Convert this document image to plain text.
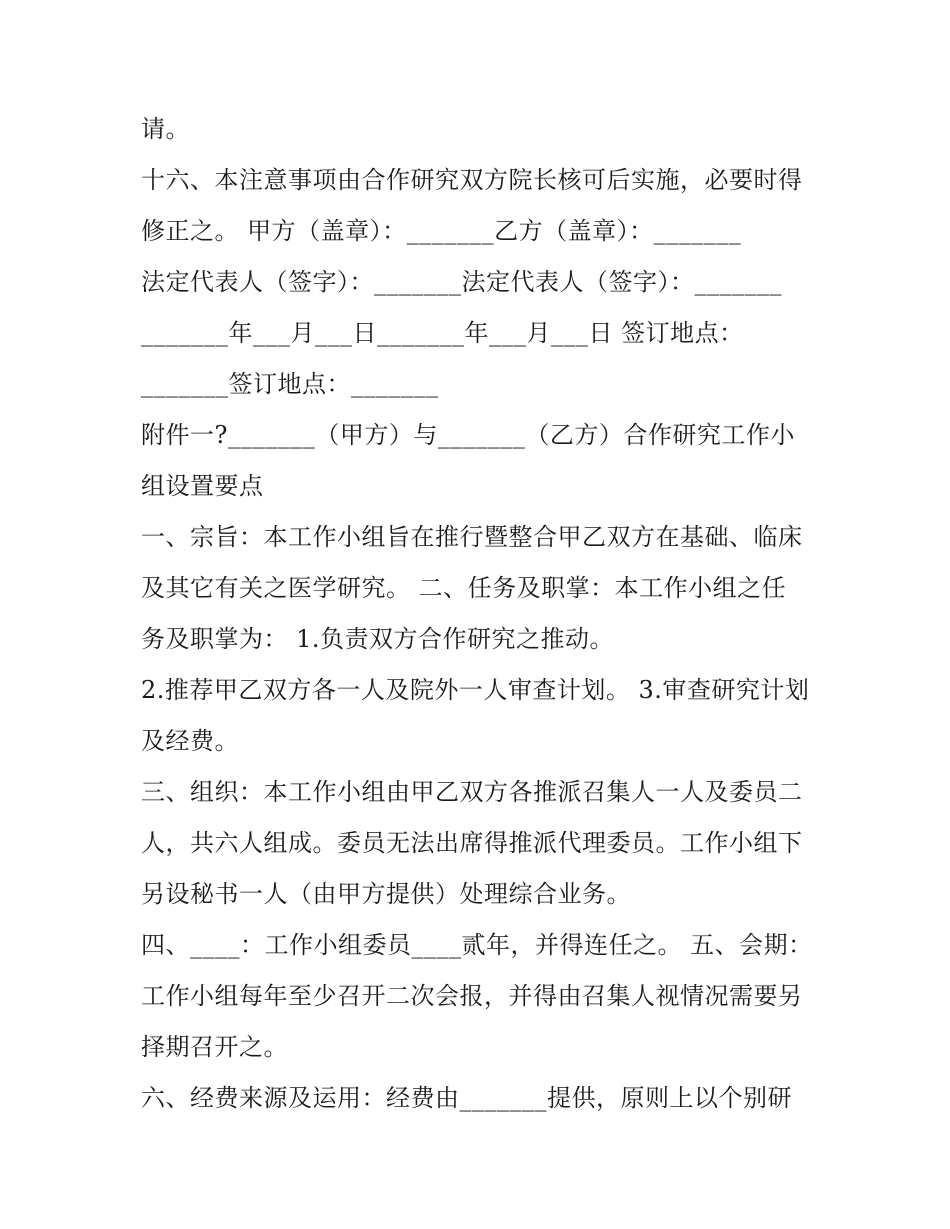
请。
十六、本注意事项由合作研究双方院长核可后实施，必要时得
修正之。 甲方（盖章）：_______乙方（盖章）：_______
法定代表人（签字）：_______法定代表人（签字）：_______
_______年___月___日_______年___月___日 签订地点：
_______签订地点：_______
附件一?_______（甲方）与_______（乙方）合作研究工作小
组设置要点
一、宗旨：本工作小组旨在推行暨整合甲乙双方在基础、临床
及其它有关之医学研究。 二、任务及职掌：本工作小组之任
务及职掌为： 1.负责双方合作研究之推动。
2.推荐甲乙双方各一人及院外一人审查计划。 3.审查研究计划
及经费。
三、组织：本工作小组由甲乙双方各推派召集人一人及委员二
人，共六人组成。委员无法出席得推派代理委员。工作小组下
另设秘书一人（由甲方提供）处理综合业务。
四、____：工作小组委员____贰年，并得连任之。 五、会期：
工作小组每年至少召开二次会报，并得由召集人视情况需要另
择期召开之。
六、经费来源及运用：经费由_______提供，原则上以个别研
